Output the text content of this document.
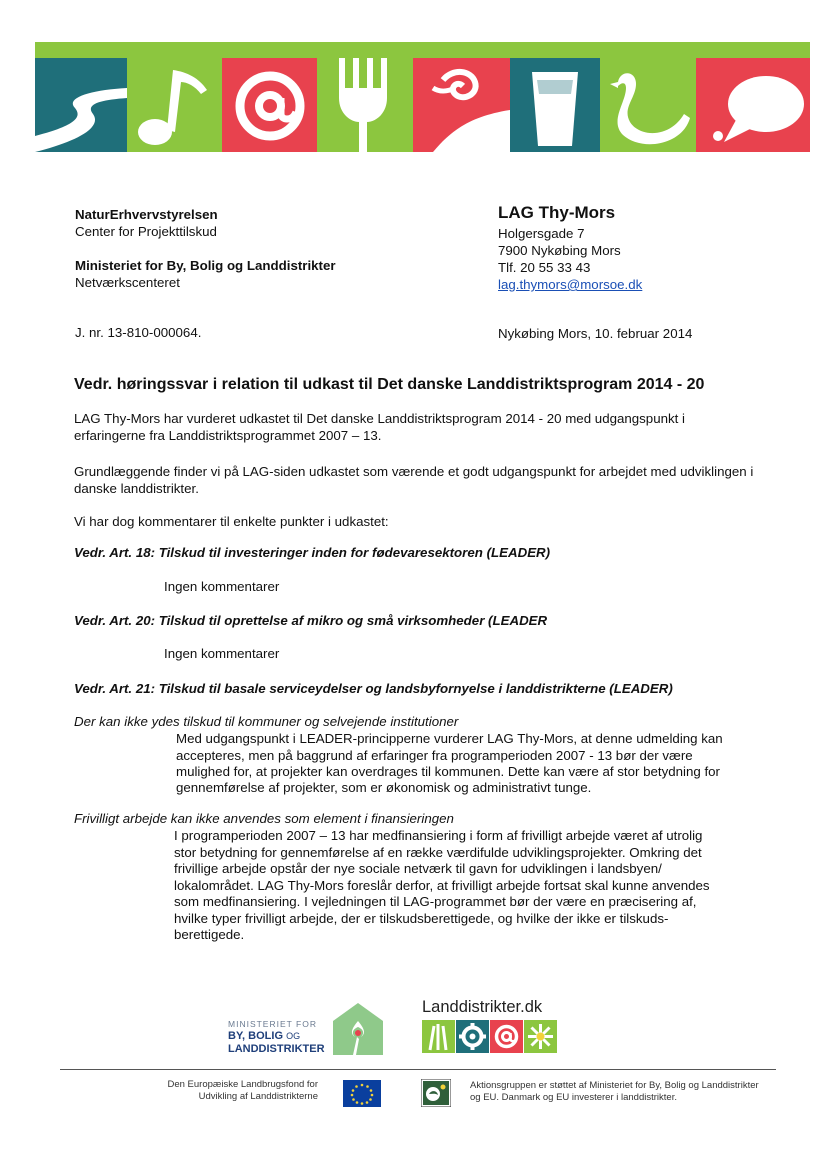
NaturErhvervstyrelsen
Center for Projekttilskud
Ministeriet for By, Bolig og Landdistrikter
Netværkscenteret
LAG Thy-Mors
Holgersgade 7
7900 Nykøbing Mors
Tlf. 20 55 33 43
lag.thymors@morsoe.dk
J. nr. 13-810-000064.	Nykøbing Mors, 10. februar 2014
Vedr. høringssvar i relation til udkast til Det danske Landdistriktsprogram 2014 - 20
LAG Thy-Mors har vurderet udkastet til Det danske Landdistriktsprogram 2014 - 20 med udgangspunkt i erfaringerne fra Landdistriktsprogrammet 2007 – 13.
Grundlæggende finder vi på LAG-siden udkastet som værende et godt udgangspunkt for arbejdet med udviklingen i danske landdistrikter.
Vi har dog kommentarer til enkelte punkter i udkastet:
Vedr. Art. 18: Tilskud til investeringer inden for fødevaresektoren (LEADER)
Ingen kommentarer
Vedr. Art. 20: Tilskud til oprettelse af mikro og små virksomheder (LEADER
Ingen kommentarer
Vedr. Art. 21: Tilskud til basale serviceydelser og landsbyfornyelse i landdistrikterne (LEADER)
Der kan ikke ydes tilskud til kommuner og selvejende institutioner
Med udgangspunkt i LEADER-principperne vurderer LAG Thy-Mors, at denne udmelding kan
accepteres, men på baggrund af erfaringer fra programperioden 2007 - 13 bør der være
mulighed for, at projekter kan overdrages til kommunen. Dette kan være af stor betydning for
gennemførelse af projekter, som er økonomisk og administrativt tunge.
Frivilligt arbejde kan ikke anvendes som element i finansieringen
I programperioden 2007 – 13 har medfinansiering i form af frivilligt arbejde været af utrolig
stor betydning for gennemførelse af en række værdifulde udviklingsprojekter. Omkring det
frivillige arbejde opstår der nye sociale netværk til gavn for udviklingen i landsbyen/
lokalområdet. LAG Thy-Mors foreslår derfor, at frivilligt arbejde fortsat skal kunne anvendes
som medfinansiering. I vejledningen til LAG-programmet bør der være en præcisering af,
hvilke typer frivilligt arbejde, der er tilskudsberettigede, og hvilke der ikke er tilskuds-
berettigede.
MINISTERIET FOR
BY, BOLIG OG
LANDDISTRIKTER
Landdistrikter.dk
Den Europæiske Landbrugsfond for
Udvikling af Landdistrikterne
Aktionsgruppen er støttet af Ministeriet for By, Bolig og Landdistrikter
og EU. Danmark og EU investerer i landdistrikter.
